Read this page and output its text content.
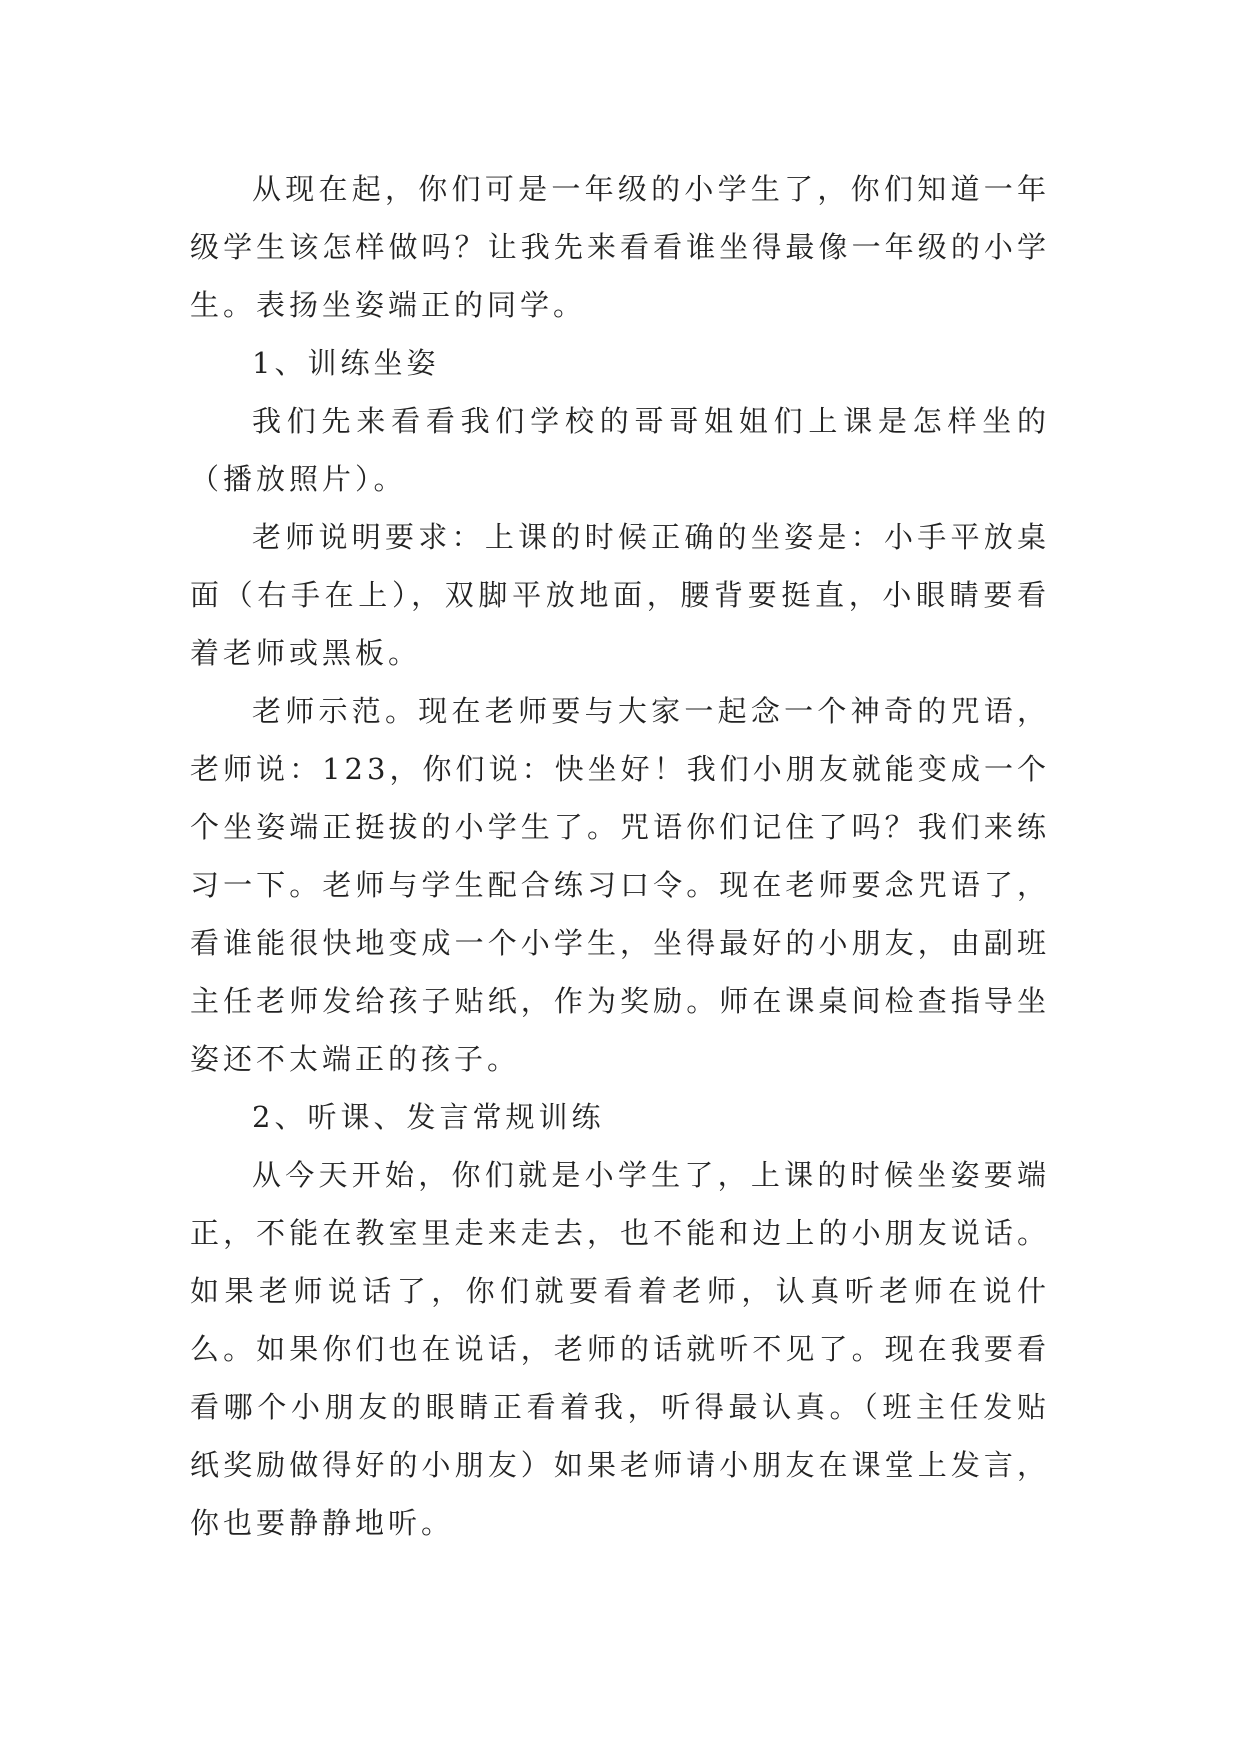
从现在起，你们可是一年级的小学生了，你们知道一年级学生该怎样做吗？让我先来看看谁坐得最像一年级的小学生。表扬坐姿端正的同学。

1、训练坐姿

我们先来看看我们学校的哥哥姐姐们上课是怎样坐的（播放照片）。

老师说明要求：上课的时候正确的坐姿是：小手平放桌面（右手在上），双脚平放地面，腰背要挺直，小眼睛要看着老师或黑板。

老师示范。现在老师要与大家一起念一个神奇的咒语，老师说：123，你们说：快坐好！我们小朋友就能变成一个个坐姿端正挺拔的小学生了。咒语你们记住了吗？我们来练习一下。老师与学生配合练习口令。现在老师要念咒语了，看谁能很快地变成一个小学生，坐得最好的小朋友，由副班主任老师发给孩子贴纸，作为奖励。师在课桌间检查指导坐姿还不太端正的孩子。

2、听课、发言常规训练

从今天开始，你们就是小学生了，上课的时候坐姿要端正，不能在教室里走来走去，也不能和边上的小朋友说话。如果老师说话了，你们就要看着老师，认真听老师在说什么。如果你们也在说话，老师的话就听不见了。现在我要看看哪个小朋友的眼睛正看着我，听得最认真。（班主任发贴纸奖励做得好的小朋友）如果老师请小朋友在课堂上发言，你也要静静地听。
